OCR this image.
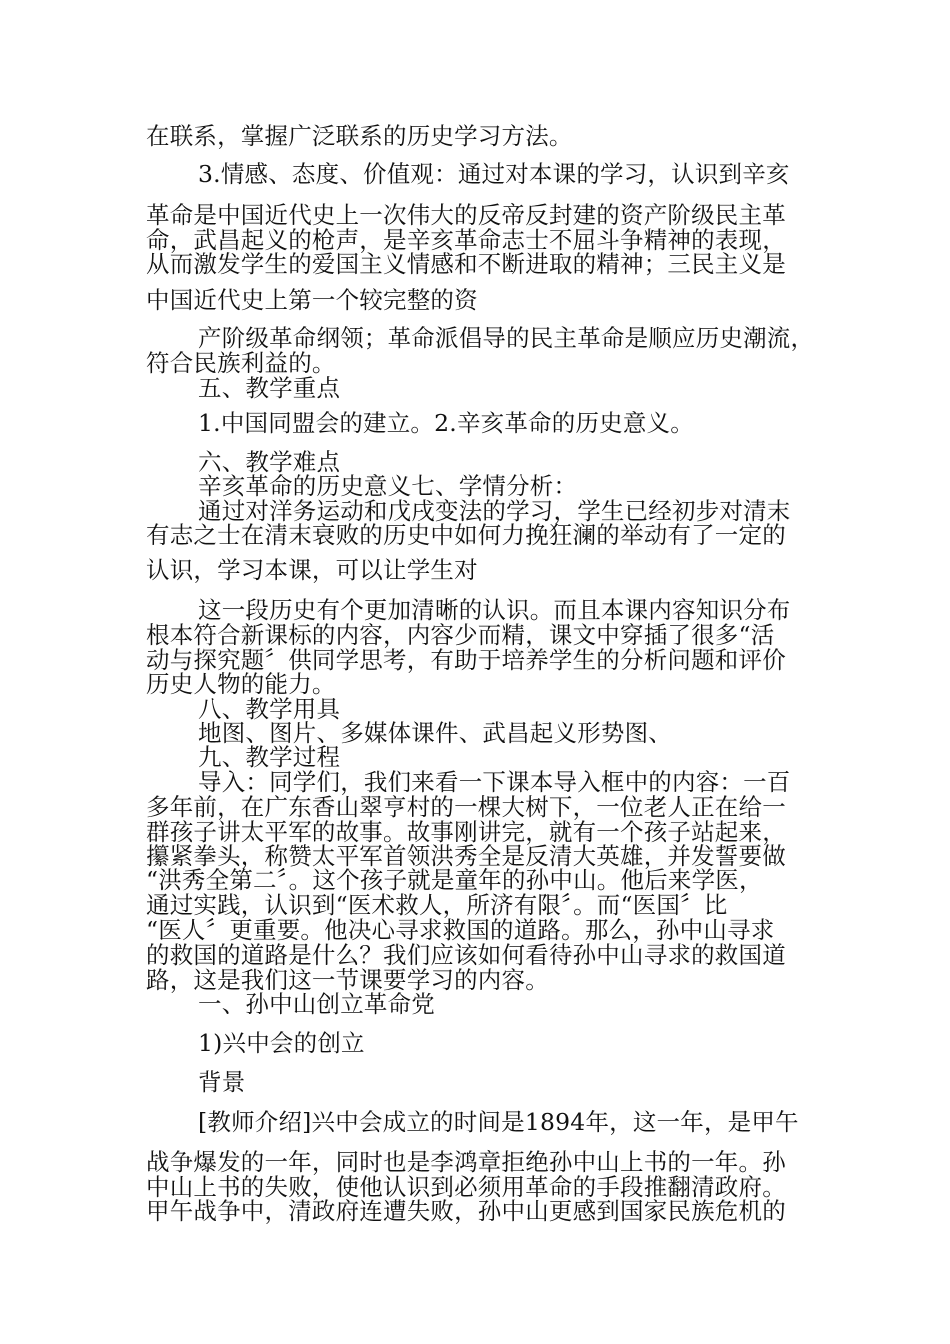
在联系，掌握广泛联系的历史学习方法。
3.情感、态度、价值观：通过对本课的学习，认识到辛亥
革命是中国近代史上一次伟大的反帝反封建的资产阶级民主革
命，武昌起义的枪声，是辛亥革命志士不屈斗争精神的表现，
从而激发学生的爱国主义情感和不断进取的精神；三民主义是
中国近代史上第一个较完整的资
产阶级革命纲领；革命派倡导的民主革命是顺应历史潮流，
符合民族利益的。
五、教学重点
1.中国同盟会的建立。2.辛亥革命的历史意义。
六、教学难点
辛亥革命的历史意义七、学情分析：
通过对洋务运动和戊戌变法的学习，学生已经初步对清末
有志之士在清末衰败的历史中如何力挽狂澜的举动有了一定的
认识，学习本课，可以让学生对
这一段历史有个更加清晰的认识。而且本课内容知识分布
根本符合新课标的内容，内容少而精，课文中穿插了很多“活
动与探究题〞供同学思考，有助于培养学生的分析问题和评价
历史人物的能力。
八、教学用具
地图、图片、多媒体课件、武昌起义形势图、
九、教学过程
导入：同学们，我们来看一下课本导入框中的内容：一百
多年前，在广东香山翠亨村的一棵大树下，一位老人正在给一
群孩子讲太平军的故事。故事刚讲完，就有一个孩子站起来，
攥紧拳头，称赞太平军首领洪秀全是反清大英雄，并发誓要做
“洪秀全第二〞。这个孩子就是童年的孙中山。他后来学医，
通过实践，认识到“医术救人，所济有限〞。而“医国〞比
“医人〞更重要。他决心寻求救国的道路。那么，孙中山寻求
的救国的道路是什么？我们应该如何看待孙中山寻求的救国道
路，这是我们这一节课要学习的内容。
一、孙中山创立革命党
1)兴中会的创立
背景
[教师介绍]兴中会成立的时间是1894年，这一年，是甲午
战争爆发的一年，同时也是李鸿章拒绝孙中山上书的一年。孙
中山上书的失败，使他认识到必须用革命的手段推翻清政府。
甲午战争中，清政府连遭失败，孙中山更感到国家民族危机的
